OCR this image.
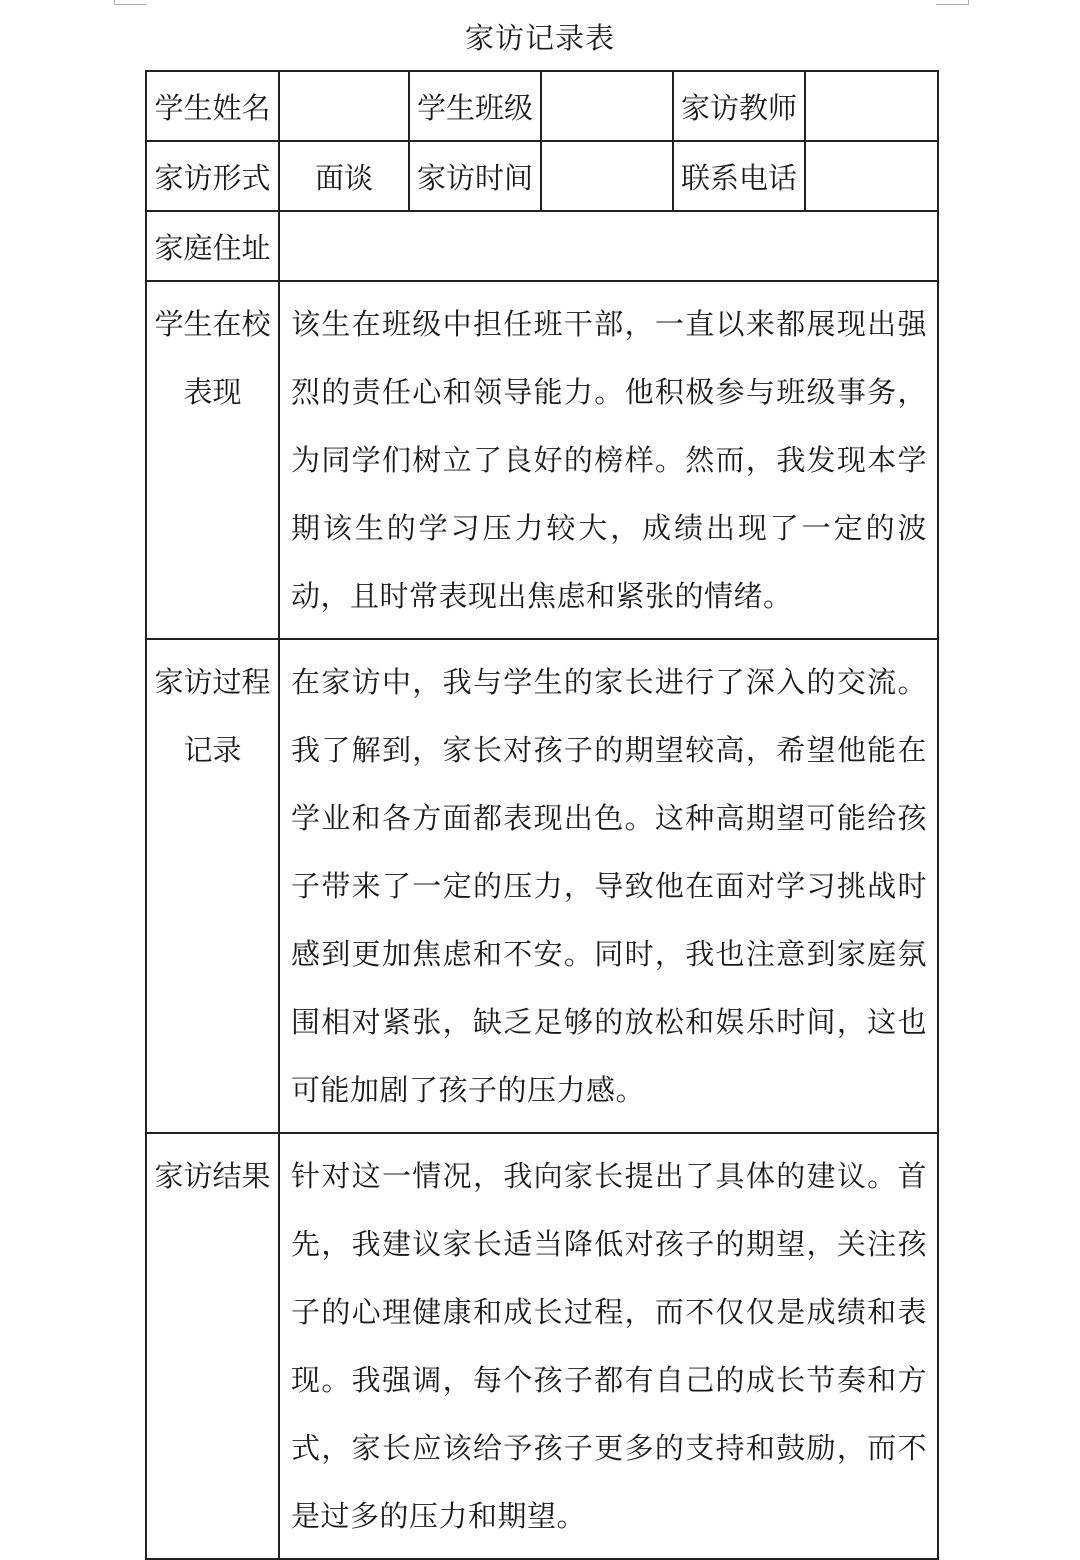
家访记录表
学生姓名		学生班级		家访教师	
家访形式	面谈	家访时间		联系电话	
家庭住址					

学生在校
表现	该生在班级中担任班干部，一直以来都展现出强烈的责任心和领导能力。他积极参与班级事务，为同学们树立了良好的榜样。然而，我发现本学期该生的学习压力较大，成绩出现了一定的波动，且时常表现出焦虑和紧张的情绪。				

家访过程
记录	在家访中，我与学生的家长进行了深入的交流。我了解到，家长对孩子的期望较高，希望他能在学业和各方面都表现出色。这种高期望可能给孩子带来了一定的压力，导致他在面对学习挑战时感到更加焦虑和不安。同时，我也注意到家庭氛围相对紧张，缺乏足够的放松和娱乐时间，这也可能加剧了孩子的压力感。				

家访结果	针对这一情况，我向家长提出了具体的建议。首先，我建议家长适当降低对孩子的期望，关注孩子的心理健康和成长过程，而不仅仅是成绩和表现。我强调，每个孩子都有自己的成长节奏和方式，家长应该给予孩子更多的支持和鼓励，而不是过多的压力和期望。				
